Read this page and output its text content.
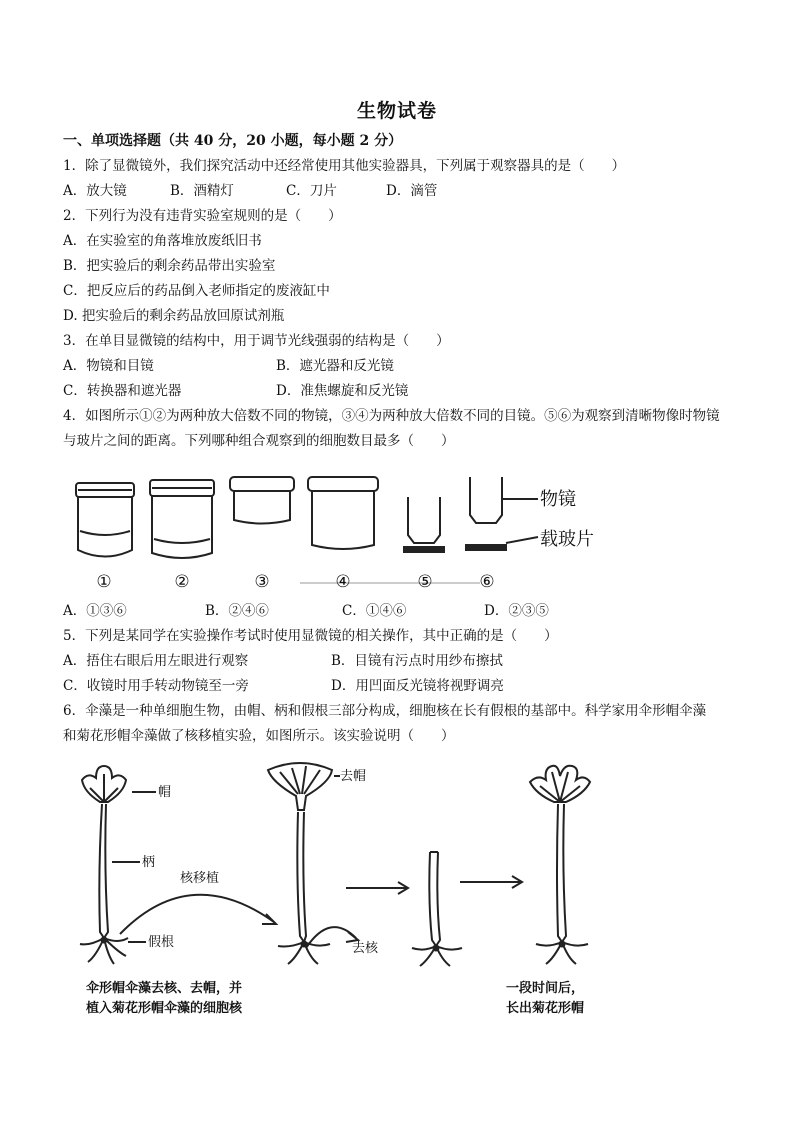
生物试卷
一、单项选择题（共 40 分，20 小题，每小题 2 分）
1．除了显微镜外，我们探究活动中还经常使用其他实验器具，下列属于观察器具的是（　　）
A．放大镜	B．酒精灯	C．刀片	D．滴管
2．下列行为没有违背实验室规则的是（　　）
A．在实验室的角落堆放废纸旧书
B．把实验后的剩余药品带出实验室
C．把反应后的药品倒入老师指定的废液缸中
D. 把实验后的剩余药品放回原试剂瓶
3．在单目显微镜的结构中，用于调节光线强弱的结构是（　　）
A．物镜和目镜	B．遮光器和反光镜
C．转换器和遮光器	D．准焦螺旋和反光镜
4．如图所示①②为两种放大倍数不同的物镜，③④为两种放大倍数不同的目镜。⑤⑥为观察到清晰物像时物镜
与玻片之间的距离。下列哪种组合观察到的细胞数目最多（　　）
物镜
载玻片
①	②	③	④	⑤	⑥
A．①③⑥	B．②④⑥	C．①④⑥	D．②③⑤
5．下列是某同学在实验操作考试时使用显微镜的相关操作，其中正确的是（　　）
A．捂住右眼后用左眼进行观察	B．目镜有污点时用纱布擦拭
C．收镜时用手转动物镜至一旁	D．用凹面反光镜将视野调亮
6．伞藻是一种单细胞生物，由帽、柄和假根三部分构成，细胞核在长有假根的基部中。科学家用伞形帽伞藻
和菊花形帽伞藻做了核移植实验，如图所示。该实验说明（　　）
帽
柄
假根
去帽
核移植
去核
伞形帽伞藻去核、去帽，并
植入菊花形帽伞藻的细胞核
一段时间后，
长出菊花形帽
